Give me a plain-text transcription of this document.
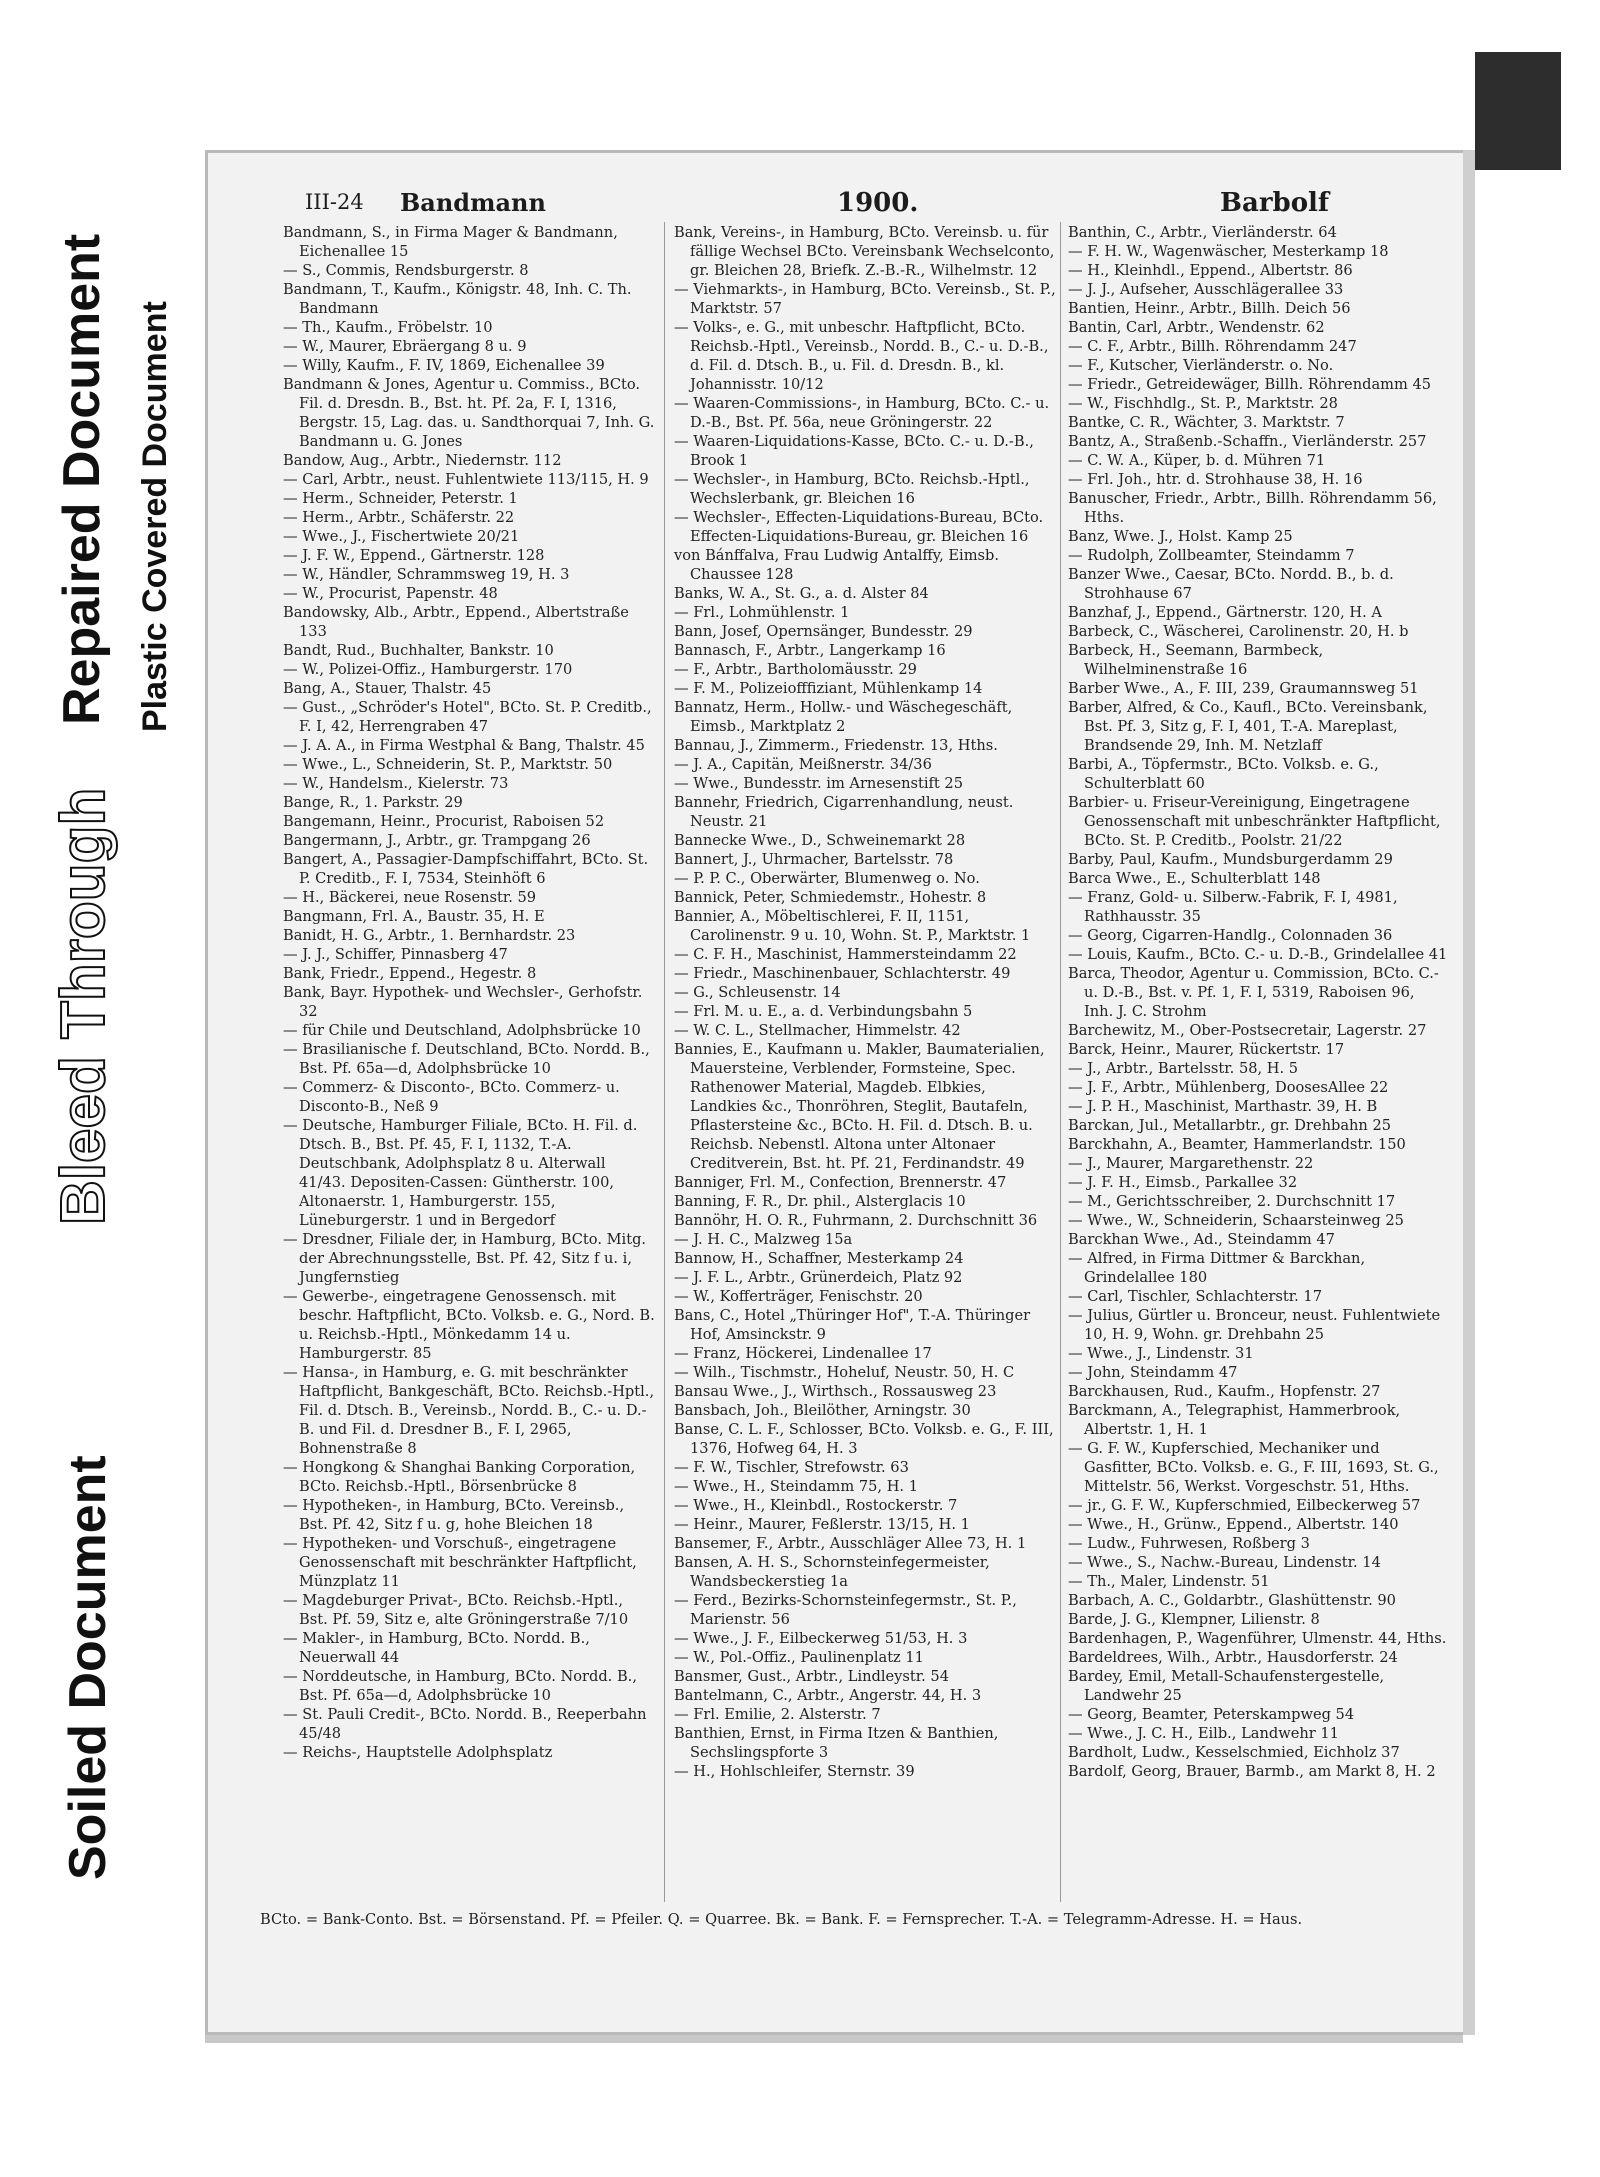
Soiled Document
Bleed Through
Repaired Document Plastic Covered Document
III-24 Bandmann	1900.	Barbolf

Bandmann, S., in Firma Mager & Bandmann, Eichenallee 15

— S., Commis, Rendsburgerstr. 8

Bandmann, T., Kaufm., Königstr. 48, Inh. C. Th. Bandmann

— Th., Kaufm., Fröbelstr. 10

— W., Maurer, Ebräergang 8 u. 9

— Willy, Kaufm., F. IV, 1869, Eichenallee 39

Bandmann & Jones, Agentur u. Commiss., BCto. Fil. d. Dresdn. B., Bst. ht. Pf. 2a, F. I, 1316, Bergstr. 15, Lag. das. u. Sandthorquai 7, Inh. G. Bandmann u. G. Jones

Bandow, Aug., Arbtr., Niedernstr. 112

— Carl, Arbtr., neust. Fuhlentwiete 113/115, H. 9

— Herm., Schneider, Peterstr. 1

— Herm., Arbtr., Schäferstr. 22

— Wwe., J., Fischertwiete 20/21

— J. F. W., Eppend., Gärtnerstr. 128

— W., Händler, Schrammsweg 19, H. 3

— W., Procurist, Papenstr. 48

Bandowsky, Alb., Arbtr., Eppend., Albertstraße 133

Bandt, Rud., Buchhalter, Bankstr. 10

— W., Polizei-Offiz., Hamburgerstr. 170

Bang, A., Stauer, Thalstr. 45

— Gust., „Schröder's Hotel", BCto. St. P. Creditb., F. I, 42, Herrengraben 47

— J. A. A., in Firma Westphal & Bang, Thalstr. 45

— Wwe., L., Schneiderin, St. P., Marktstr. 50

— W., Handelsm., Kielerstr. 73

Bange, R., 1. Parkstr. 29

Bangemann, Heinr., Procurist, Raboisen 52

Bangermann, J., Arbtr., gr. Trampgang 26

Bangert, A., Passagier-Dampfschiffahrt, BCto. St. P. Creditb., F. I, 7534, Steinhöft 6

— H., Bäckerei, neue Rosenstr. 59

Bangmann, Frl. A., Baustr. 35, H. E

Banidt, H. G., Arbtr., 1. Bernhardstr. 23

— J. J., Schiffer, Pinnasberg 47

Bank, Friedr., Eppend., Hegestr. 8

Bank, Bayr. Hypothek- und Wechsler-, Gerhofstr. 32

— für Chile und Deutschland, Adolphsbrücke 10

— Brasilianische f. Deutschland, BCto. Nordd. B., Bst. Pf. 65a—d, Adolphsbrücke 10

— Commerz- & Disconto-, BCto. Commerz- u. Disconto-B., Neß 9

— Deutsche, Hamburger Filiale, BCto. H. Fil. d. Dtsch. B., Bst. Pf. 45, F. I, 1132, T.-A. Deutschbank, Adolphsplatz 8 u. Alterwall 41/43. Depositen-Cassen: Güntherstr. 100, Altonaerstr. 1, Hamburgerstr. 155, Lüneburgerstr. 1 und in Bergedorf

— Dresdner, Filiale der, in Hamburg, BCto. Mitg. der Abrechnungsstelle, Bst. Pf. 42, Sitz f u. i, Jungfernstieg

— Gewerbe-, eingetragene Genossensch. mit beschr. Haftpflicht, BCto. Volksb. e. G., Nord. B. u. Reichsb.-Hptl., Mönkedamm 14 u. Hamburgerstr. 85

— Hansa-, in Hamburg, e. G. mit beschränkter Haftpflicht, Bankgeschäft, BCto. Reichsb.-Hptl., Fil. d. Dtsch. B., Vereinsb., Nordd. B., C.- u. D.-B. und Fil. d. Dresdner B., F. I, 2965, Bohnenstraße 8

— Hongkong & Shanghai Banking Corporation, BCto. Reichsb.-Hptl., Börsenbrücke 8

— Hypotheken-, in Hamburg, BCto. Vereinsb., Bst. Pf. 42, Sitz f u. g, hohe Bleichen 18

— Hypotheken- und Vorschuß-, eingetragene Genossenschaft mit beschränkter Haftpflicht, Münzplatz 11

— Magdeburger Privat-, BCto. Reichsb.-Hptl., Bst. Pf. 59, Sitz e, alte Gröningerstraße 7/10

— Makler-, in Hamburg, BCto. Nordd. B., Neuerwall 44

— Norddeutsche, in Hamburg, BCto. Nordd. B., Bst. Pf. 65a—d, Adolphsbrücke 10

— St. Pauli Credit-, BCto. Nordd. B., Reeperbahn 45/48

— Reichs-, Hauptstelle Adolphsplatz

Bank, Vereins-, in Hamburg, BCto. Vereinsb. u. für fällige Wechsel BCto. Vereinsbank Wechselconto, gr. Bleichen 28, Briefk. Z.-B.-R., Wilhelmstr. 12

— Viehmarkts-, in Hamburg, BCto. Vereinsb., St. P., Marktstr. 57

— Volks-, e. G., mit unbeschr. Haftpflicht, BCto. Reichsb.-Hptl., Vereinsb., Nordd. B., C.- u. D.-B., d. Fil. d. Dtsch. B., u. Fil. d. Dresdn. B., kl. Johannisstr. 10/12

— Waaren-Commissions-, in Hamburg, BCto. C.- u. D.-B., Bst. Pf. 56a, neue Gröningerstr. 22

— Waaren-Liquidations-Kasse, BCto. C.- u. D.-B., Brook 1

— Wechsler-, in Hamburg, BCto. Reichsb.-Hptl., Wechslerbank, gr. Bleichen 16

— Wechsler-, Effecten-Liquidations-Bureau, BCto. Effecten-Liquidations-Bureau, gr. Bleichen 16

von Bánffalva, Frau Ludwig Antalffy, Eimsb. Chaussee 128

Banks, W. A., St. G., a. d. Alster 84

— Frl., Lohmühlenstr. 1

Bann, Josef, Opernsänger, Bundesstr. 29

Bannasch, F., Arbtr., Langerkamp 16

— F., Arbtr., Bartholomäusstr. 29

— F. M., Polizeiofffiziant, Mühlenkamp 14

Bannatz, Herm., Hollw.- und Wäschegeschäft, Eimsb., Marktplatz 2

Bannau, J., Zimmerm., Friedenstr. 13, Hths.

— J. A., Capitän, Meißnerstr. 34/36

— Wwe., Bundesstr. im Arnesenstift 25

Bannehr, Friedrich, Cigarrenhandlung, neust. Neustr. 21

Bannecke Wwe., D., Schweinemarkt 28

Bannert, J., Uhrmacher, Bartelsstr. 78

— P. P. C., Oberwärter, Blumenweg o. No.

Bannick, Peter, Schmiedemstr., Hohestr. 8

Bannier, A., Möbeltischlerei, F. II, 1151, Carolinenstr. 9 u. 10, Wohn. St. P., Marktstr. 1

— C. F. H., Maschinist, Hammersteindamm 22

— Friedr., Maschinenbauer, Schlachterstr. 49

— G., Schleusenstr. 14

— Frl. M. u. E., a. d. Verbindungsbahn 5

— W. C. L., Stellmacher, Himmelstr. 42

Bannies, E., Kaufmann u. Makler, Baumaterialien, Mauersteine, Verblender, Formsteine, Spec. Rathenower Material, Magdeb. Elbkies, Landkies &c., Thonröhren, Steglit, Bautafeln, Pflastersteine &c., BCto. H. Fil. d. Dtsch. B. u. Reichsb. Nebenstl. Altona unter Altonaer Creditverein, Bst. ht. Pf. 21, Ferdinandstr. 49

Banniger, Frl. M., Confection, Brennerstr. 47

Banning, F. R., Dr. phil., Alsterglacis 10

Bannöhr, H. O. R., Fuhrmann, 2. Durchschnitt 36

— J. H. C., Malzweg 15a

Bannow, H., Schaffner, Mesterkamp 24

— J. F. L., Arbtr., Grünerdeich, Platz 92

— W., Kofferträger, Fenischstr. 20

Bans, C., Hotel „Thüringer Hof", T.-A. Thüringer Hof, Amsinckstr. 9

— Franz, Höckerei, Lindenallee 17

— Wilh., Tischmstr., Hoheluf, Neustr. 50, H. C

Bansau Wwe., J., Wirthsch., Rossausweg 23

Bansbach, Joh., Bleilöther, Arningstr. 30

Banse, C. L. F., Schlosser, BCto. Volksb. e. G., F. III, 1376, Hofweg 64, H. 3

— F. W., Tischler, Strefowstr. 63

— Wwe., H., Steindamm 75, H. 1

— Wwe., H., Kleinbdl., Rostockerstr. 7

— Heinr., Maurer, Feßlerstr. 13/15, H. 1

Bansemer, F., Arbtr., Ausschläger Allee 73, H. 1

Bansen, A. H. S., Schornsteinfegermeister, Wandsbeckerstieg 1a

— Ferd., Bezirks-Schornsteinfegermstr., St. P., Marienstr. 56

— Wwe., J. F., Eilbeckerweg 51/53, H. 3

— W., Pol.-Offiz., Paulinenplatz 11

Bansmer, Gust., Arbtr., Lindleystr. 54

Bantelmann, C., Arbtr., Angerstr. 44, H. 3

— Frl. Emilie, 2. Alsterstr. 7

Banthien, Ernst, in Firma Itzen & Banthien, Sechslingspforte 3

— H., Hohlschleifer, Sternstr. 39

Banthin, C., Arbtr., Vierländerstr. 64

— F. H. W., Wagenwäscher, Mesterkamp 18

— H., Kleinhdl., Eppend., Albertstr. 86

— J. J., Aufseher, Ausschlägerallee 33

Bantien, Heinr., Arbtr., Billh. Deich 56

Bantin, Carl, Arbtr., Wendenstr. 62

— C. F., Arbtr., Billh. Röhrendamm 247

— F., Kutscher, Vierländerstr. o. No.

— Friedr., Getreidewäger, Billh. Röhrendamm 45

— W., Fischhdlg., St. P., Marktstr. 28

Bantke, C. R., Wächter, 3. Marktstr. 7

Bantz, A., Straßenb.-Schaffn., Vierländerstr. 257

— C. W. A., Küper, b. d. Mühren 71

— Frl. Joh., htr. d. Strohhause 38, H. 16

Banuscher, Friedr., Arbtr., Billh. Röhrendamm 56, Hths.

Banz, Wwe. J., Holst. Kamp 25

— Rudolph, Zollbeamter, Steindamm 7

Banzer Wwe., Caesar, BCto. Nordd. B., b. d. Strohhause 67

Banzhaf, J., Eppend., Gärtnerstr. 120, H. A

Barbeck, C., Wäscherei, Carolinenstr. 20, H. b

Barbeck, H., Seemann, Barmbeck, Wilhelminenstraße 16

Barber Wwe., A., F. III, 239, Graumannsweg 51

Barber, Alfred, & Co., Kaufl., BCto. Vereinsbank, Bst. Pf. 3, Sitz g, F. I, 401, T.-A. Mareplast, Brandsende 29, Inh. M. Netzlaff

Barbi, A., Töpfermstr., BCto. Volksb. e. G., Schulterblatt 60

Barbier- u. Friseur-Vereinigung, Eingetragene Genossenschaft mit unbeschränkter Haftpflicht, BCto. St. P. Creditb., Poolstr. 21/22

Barby, Paul, Kaufm., Mundsburgerdamm 29

Barca Wwe., E., Schulterblatt 148

— Franz, Gold- u. Silberw.-Fabrik, F. I, 4981, Rathhausstr. 35

— Georg, Cigarren-Handlg., Colonnaden 36

— Louis, Kaufm., BCto. C.- u. D.-B., Grindelallee 41

Barca, Theodor, Agentur u. Commission, BCto. C.- u. D.-B., Bst. v. Pf. 1, F. I, 5319, Raboisen 96, Inh. J. C. Strohm

Barchewitz, M., Ober-Postsecretair, Lagerstr. 27

Barck, Heinr., Maurer, Rückertstr. 17

— J., Arbtr., Bartelsstr. 58, H. 5

— J. F., Arbtr., Mühlenberg, DoosesAllee 22

— J. P. H., Maschinist, Marthastr. 39, H. B

Barckan, Jul., Metallarbtr., gr. Drehbahn 25

Barckhahn, A., Beamter, Hammerlandstr. 150

— J., Maurer, Margarethenstr. 22

— J. F. H., Eimsb., Parkallee 32

— M., Gerichtsschreiber, 2. Durchschnitt 17

— Wwe., W., Schneiderin, Schaarsteinweg 25

Barckhan Wwe., Ad., Steindamm 47

— Alfred, in Firma Dittmer & Barckhan, Grindelallee 180

— Carl, Tischler, Schlachterstr. 17

— Julius, Gürtler u. Bronceur, neust. Fuhlentwiete 10, H. 9, Wohn. gr. Drehbahn 25

— Wwe., J., Lindenstr. 31

— John, Steindamm 47

Barckhausen, Rud., Kaufm., Hopfenstr. 27

Barckmann, A., Telegraphist, Hammerbrook, Albertstr. 1, H. 1

— G. F. W., Kupferschied, Mechaniker und Gasfitter, BCto. Volksb. e. G., F. III, 1693, St. G., Mittelstr. 56, Werkst. Vorgeschstr. 51, Hths.

— jr., G. F. W., Kupferschmied, Eilbeckerweg 57

— Wwe., H., Grünw., Eppend., Albertstr. 140

— Ludw., Fuhrwesen, Roßberg 3

— Wwe., S., Nachw.-Bureau, Lindenstr. 14

— Th., Maler, Lindenstr. 51

Barbach, A. C., Goldarbtr., Glashüttenstr. 90

Barde, J. G., Klempner, Lilienstr. 8

Bardenhagen, P., Wagenführer, Ulmenstr. 44, Hths.

Bardeldrees, Wilh., Arbtr., Hausdorferstr. 24

Bardey, Emil, Metall-Schaufenstergestelle, Landwehr 25

— Georg, Beamter, Peterskampweg 54

— Wwe., J. C. H., Eilb., Landwehr 11

Bardholt, Ludw., Kesselschmied, Eichholz 37

Bardolf, Georg, Brauer, Barmb., am Markt 8, H. 2

BCto. = Bank-Conto. Bst. = Börsenstand. Pf. = Pfeiler. Q. = Quarree. Bk. = Bank. F. = Fernsprecher. T.-A. = Telegramm-Adresse. H. = Haus.
